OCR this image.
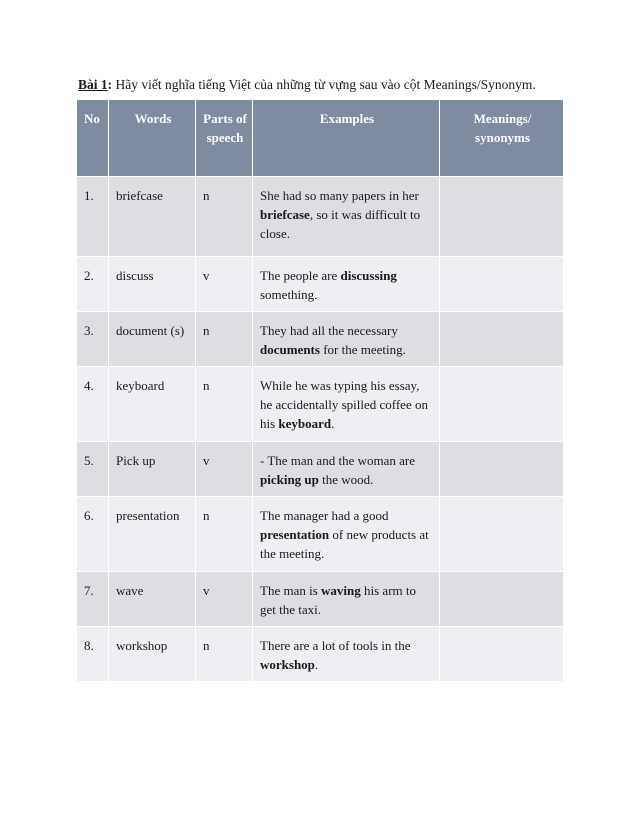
Bài 1: Hãy viết nghĩa tiếng Việt của những từ vựng sau vào cột Meanings/Synonym.
No	Words	Parts of speech	Examples	Meanings/ synonyms
1.	briefcase	n	She had so many papers in her briefcase, so it was difficult to close.	
2.	discuss	v	The people are discussing something.	
3.	document (s)	n	They had all the necessary documents for the meeting.	
4.	keyboard	n	While he was typing his essay, he accidentally spilled coffee on his keyboard.	
5.	Pick up	v	- The man and the woman are picking up the wood.	
6.	presentation	n	The manager had a good presentation of new products at the meeting.	
7.	wave	v	The man is waving his arm to get the taxi.	
8.	workshop	n	There are a lot of tools in the workshop.	
